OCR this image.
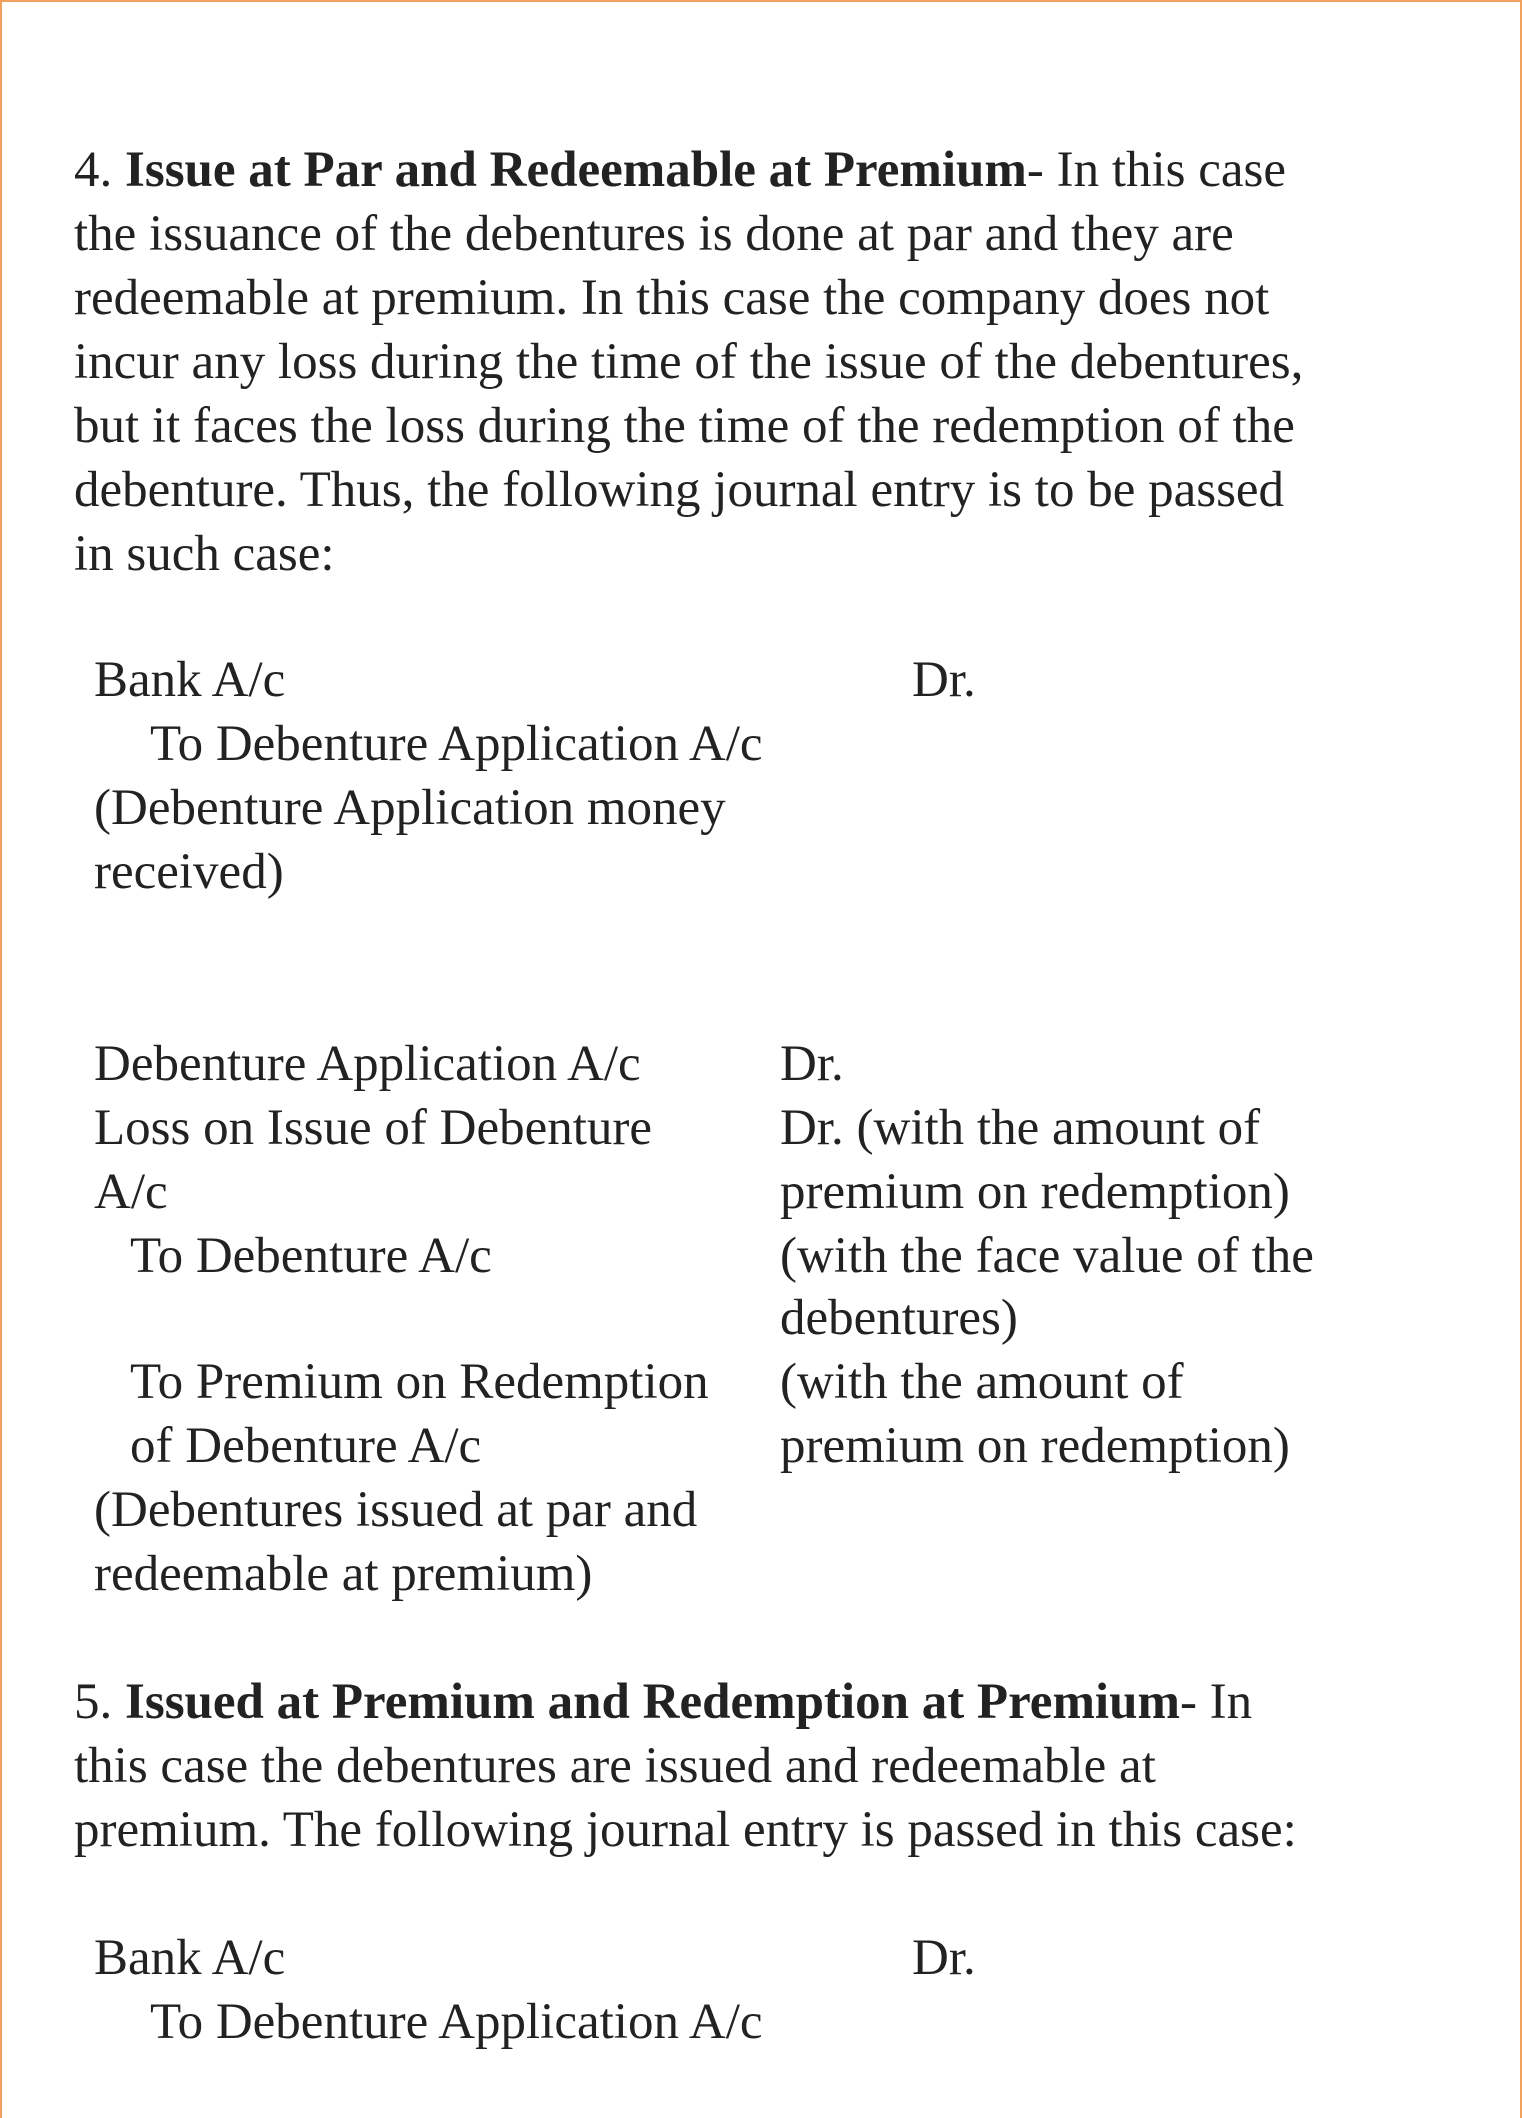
4. Issue at Par and Redeemable at Premium- In this case
the issuance of the debentures is done at par and they are
redeemable at premium. In this case the company does not
incur any loss during the time of the issue of the debentures,
but it faces the loss during the time of the redemption of the
debenture. Thus, the following journal entry is to be passed
in such case:
Bank A/c	Dr.
To Debenture Application A/c
(Debenture Application money
received)
Debenture Application A/c
Loss on Issue of Debenture
A/c
To Debenture A/c
To Premium on Redemption
of Debenture A/c
(Debentures issued at par and
redeemable at premium)
Dr.
Dr. (with the amount of
premium on redemption)
(with the face value of the
debentures)
(with the amount of
premium on redemption)
5. Issued at Premium and Redemption at Premium- In
this case the debentures are issued and redeemable at
premium. The following journal entry is passed in this case:
Bank A/c	Dr.
To Debenture Application A/c
